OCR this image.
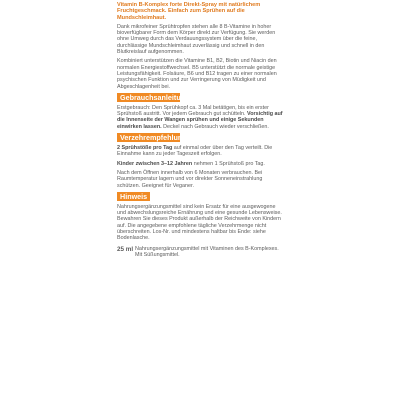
Vitamin B-Komplex forte Direkt-Spray mit natürlichem Fruchtgeschmack. Einfach zum Sprühen auf die Mundschleimhaut.

Dank mikrofeiner Sprühtropfen stehen alle 8 B-Vitamine in hoher bioverfügbarer Form dem Körper direkt zur Verfügung. Sie werden ohne Umweg durch das Verdauungssystem über die feine, durchlässige Mundschleimhaut zuverlässig und schnell in den Blutkreislauf aufgenommen.

Kombiniert unterstützen die Vitamine B1, B2, Biotin und Niacin den normalen Energiestoffwechsel. B5 unterstützt die normale geistige Leistungsfähigkeit. Folsäure, B6 und B12 tragen zu einer normalen psychischen Funktion und zur Verringerung von Müdigkeit und Abgeschlagenheit bei.

Gebrauchsanleitung

Erstgebrauch: Den Sprühkopf ca. 3 Mal betätigen, bis ein erster Sprühstoß austritt. Vor jedem Gebrauch gut schütteln. Vorsichtig auf die Innenseite der Wangen sprühen und einige Sekunden einwirken lassen. Deckel nach Gebrauch wieder verschließen.

Verzehrempfehlung

2 Sprühstöße pro Tag auf einmal oder über den Tag verteilt. Die Einnahme kann zu jeder Tageszeit erfolgen.

Kinder zwischen 3–12 Jahren nehmen 1 Sprühstoß pro Tag.

Nach dem Öffnen innerhalb von 6 Monaten verbrauchen. Bei Raumtemperatur lagern und vor direkter Sonneneinstrahlung schützen. Geeignet für Veganer.

Hinweis

Nahrungsergänzungsmittel sind kein Ersatz für eine ausgewogene und abwechslungsreiche Ernährung und eine gesunde Lebensweise. Bewahren Sie dieses Produkt außerhalb der Reichweite von Kindern auf. Die angegebene empfohlene tägliche Verzehrmenge nicht überschreiten. Los-Nr. und mindestens haltbar bis Ende: siehe Bodenlasche.

25 ml Nahrungsergänzungsmittel mit Vitaminen des B-Komplexes. Mit Süßungsmittel.
